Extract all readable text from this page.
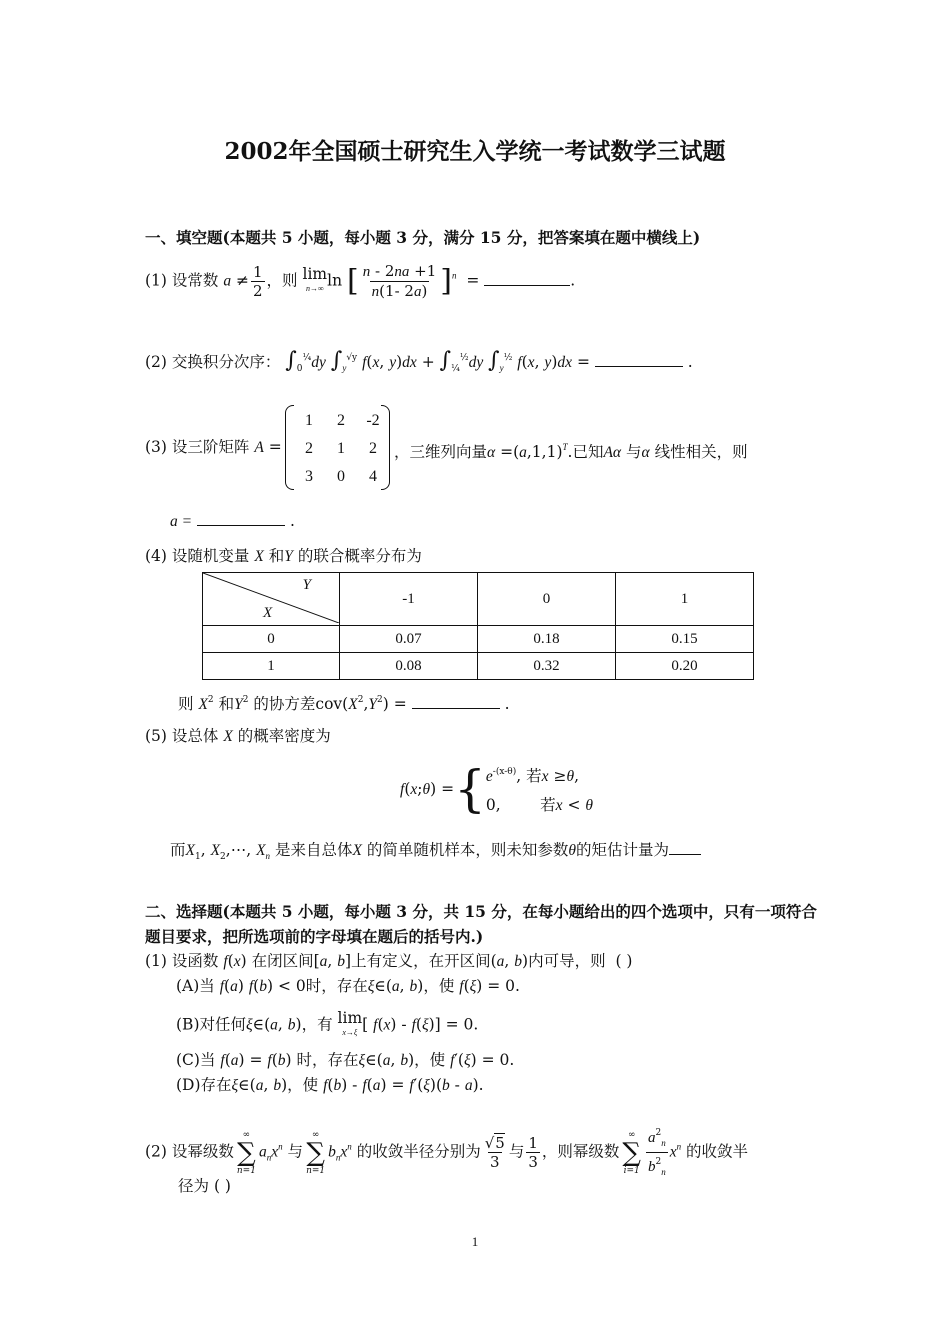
2002年全国硕士研究生入学统一考试数学三试题
一、填空题(本题共 5 小题，每小题 3 分，满分 15 分，把答案填在题中横线上)
(1) 设常数 $a \ne \frac{1}{2}$ ，则 lim
n→∞ ln [ $\frac{n - 2na +1}{n(1- 2a)} ]^n$  =	.
(2) 交换积分次序： $\int_0^{\frac{1}{4}}dy$ $\int_y^{√y}$ f(x, $y)dx + \int_{\frac{1}{4}}^{\frac{1}{2}}dy$ $\int_y^{\frac{1}{2}}$ f(x, y)dx =	.
(3) 设三阶矩阵 A =
1	2	-2
2	1	2
3	0	4
，三维列向量$\alpha =(a,1,1)^T$.已知Aα 与α 线性相关，则
a =	.
(4) 设随机变量 X 和Y 的联合概率分布为
Y
X	-1	0	1
0	0.07	0.18	0.15
1	0.08	0.32	0.20
则 $X^2$ 和$Y^2$ 的协方差$cov(X^2,Y^2)$ =	.
(5) 设总体 X 的概率密度为
f(x;θ) $=\{e^{-(x-\theta)}$, 若x ≥θ,
0,	若x < θ
而$X_1$, $X_2,\cdots$, $X_n$ 是来自总体X 的简单随机样本，则未知参数θ的矩估计量为
二、选择题(本题共 5 小题，每小题 3 分，共 15 分，在每小题给出的四个选项中，只有一项符合
题目要求，把所选项前的字母填在题后的括号内.)
(1) 设函数 f(x) 在闭区间[a, b]上有定义，在开区间(a, b)内可导，则 ( )
(A)当 f(a) f(b) < 0时，存在ξ∈(a, b)，使 f(ξ) = 0.
(B)对任何ξ∈(a, b)，有 lim
x→ξ [ f(x) - f(ξ)] = 0.
(C)当 f(a) = f(b) 时，存在ξ∈(a, b)，使 f′(ξ) = 0.
(D)存在ξ∈(a, b)，使 f(b) - f(a) = f′(ξ)(b - a).
(2) 设幂级数
∞
∑
n=1
$a_nx^n$ 与
∞
∑
n=1
$b_nx^n$ 的收敛半径分别为 $\frac{√5}{3}$ 与 $\frac{1}{3}$ ，则幂级数
∞
∑
$i=1 \frac{a^2_n}{b^2_n} x^n$ 的收敛半
径为 ( )
1
